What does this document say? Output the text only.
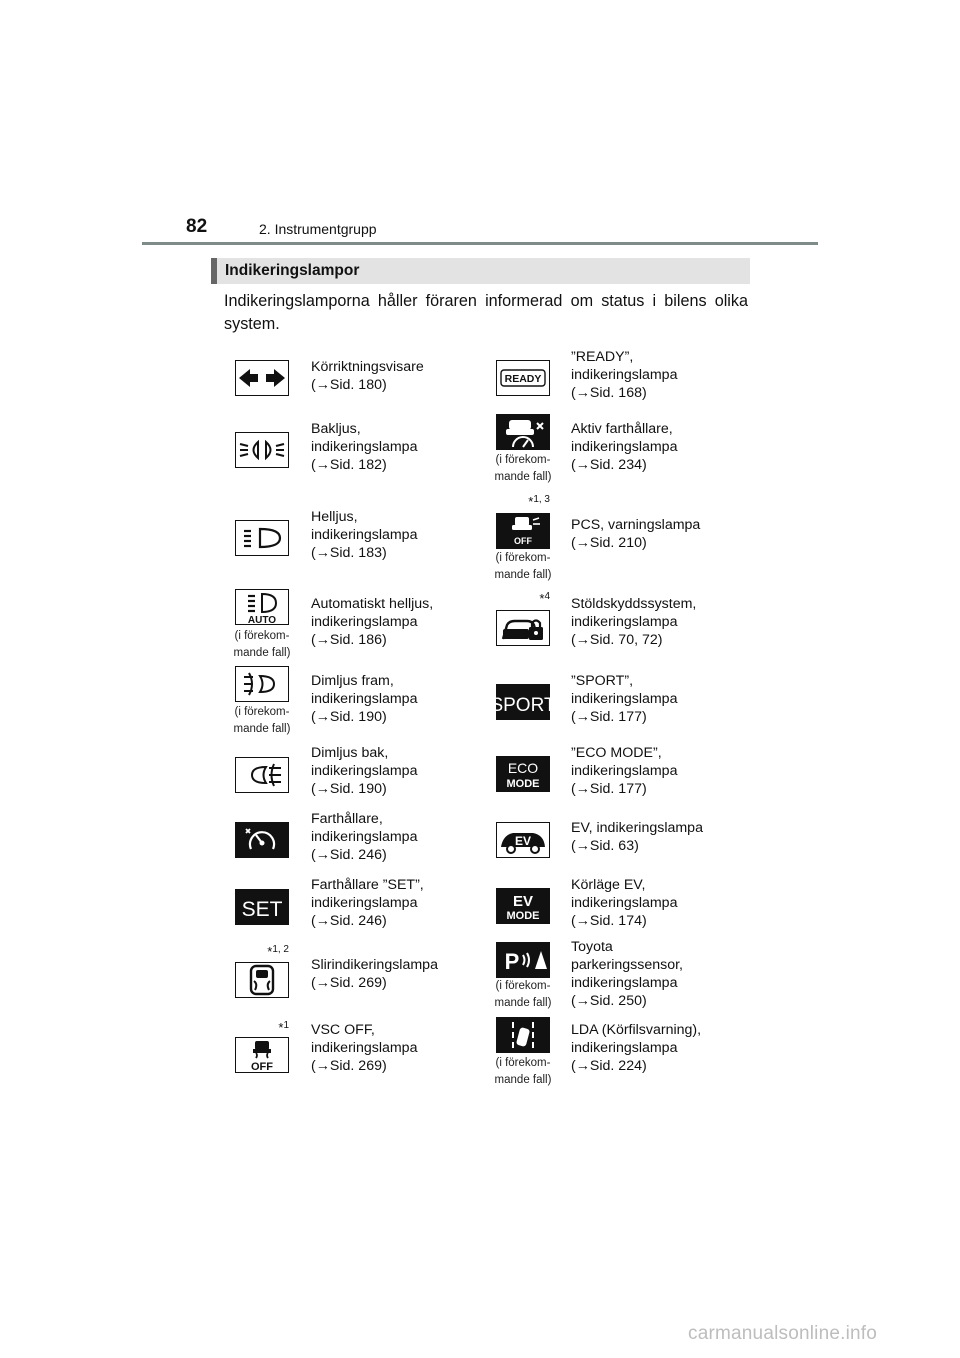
82	2. Instrumentgrupp
Indikeringslampor
Indikeringslamporna håller föraren informerad om status i bilens olika system.
Körriktningsvisare
(→Sid. 180)
Bakljus,
indikeringslampa
(→Sid. 182)
Helljus,
indikeringslampa
(→Sid. 183)
AUTO
(i förekom-
mande fall)
Automatiskt helljus,
indikeringslampa
(→Sid. 186)
(i förekom-
mande fall)
Dimljus fram,
indikeringslampa
(→Sid. 190)
Dimljus bak,
indikeringslampa
(→Sid. 190)
Farthållare,
indikeringslampa
(→Sid. 246)
SET
Farthållare ”SET”,
indikeringslampa
(→Sid. 246)
*$^{1, 2}$
Slirindikeringslampa
(→Sid. 269)
OFF
*$^1$ VSC OFF,
indikeringslampa
(→Sid. 269)
READY
”READY”,
indikeringslampa
(→Sid. 168)
(i förekom-
mande fall)
Aktiv farthållare,
indikeringslampa
(→Sid. 234)
OFF
*$^{1, 3}$
(i förekom-
mande fall)
PCS, varningslampa
(→Sid. 210)
*$^4$ Stöldskyddssystem,
indikeringslampa
(→Sid. 70, 72)
SPORT
”SPORT”,
indikeringslampa
(→Sid. 177)
ECO
MODE
”ECO MODE”,
indikeringslampa
(→Sid. 177)
EV
EV, indikeringslampa
(→Sid. 63)
EV
MODE
Körläge EV,
indikeringslampa
(→Sid. 174)
P
(i förekom-
mande fall)
Toyota
parkeringssensor,
indikeringslampa
(→Sid. 250)
(i förekom-
mande fall)
LDA (Körfilsvarning),
indikeringslampa
(→Sid. 224)
carmanualsonline.info
